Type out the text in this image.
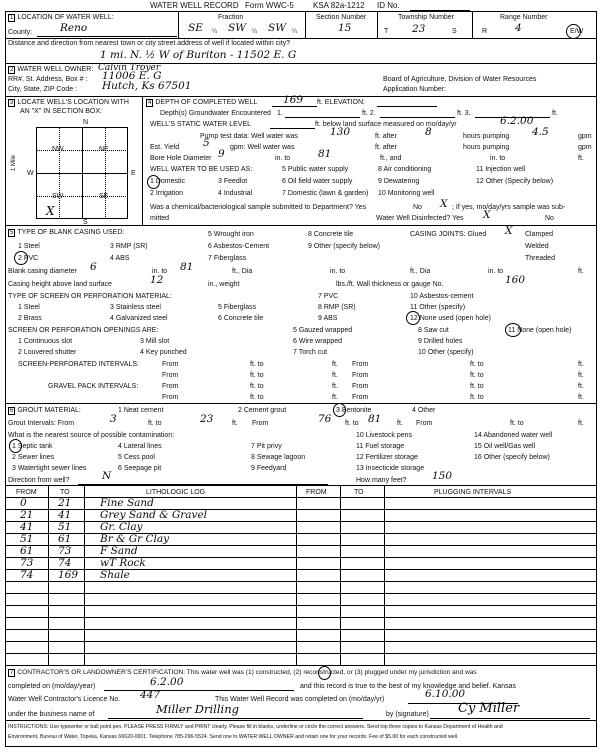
WATER WELL RECORD Form WWC-5 KSA 82a-1212 ID No.
1 LOCATION OF WATER WELL:
County:	Reno
Fraction
SE ¼ SW ¼ SW ¼
Section Number
15
Township Number
T 23	S
Range Number
R	4	E/W
Distance and direction from nearest town or city street address of well if located within city?
1 mi. N. ½ W of Buriton - 11502 E. G
2 WATER WELL OWNER: Calvin Troyer
RR#, St. Address, Box # : 11006 E. G
City, State, ZIP Code : Hutch, Ks 67501
Board of Agriculture, Division of Water Resources
Application Number:
3 LOCATE WELL'S LOCATION WITH
AN "X" IN SECTION BOX:
N
S
W	E
1 Mile
NW	NE
SW	SE
X
4 DEPTH OF COMPLETED WELL 169 ft. ELEVATION:
Depth(s) Groundwater Encountered 1.	ft. 2.	ft. 3.	ft.
WELL'S STATIC WATER LEVEL	ft. below land surface measured on mo/day/yr	6.2.00
Pump test data: Well water was	130	ft. after	8	hours pumping 4.5	gpm
Est. Yield 5	gpm: Well water was	ft. after	hours pumping	gpm
Bore Hole Diameter 9	in. to	81	ft., and	in. to	ft.
WELL WATER TO BE USED AS:	5 Public water supply	8 Air conditioning	11 Injection well
1 Domestic	3 Feedlot	6 Oil field water supply	9 Dewatering	12 Other (Specify below)
2 Irrigation	4 Industrial	7 Domestic (lawn & garden) 10 Monitoring well
Was a chemical/bacteriological sample submitted to Department? Yes	No X ; If yes, mo/day/yrs sample was sub-
mitted	Water Well Disinfected? Yes X	No
5 TYPE OF BLANK CASING USED:	5 Wrought iron	8 Concrete tile	CASING JOINTS: Glued X Clamped
1 Steel	3 RMP (SR)	6 Asbestos-Cement	9 Other (specify below)	Welded
2 PVC	4 ABS	7 Fiberglass	Threaded
Blank casing diameter 6	in. to 81	ft., Dia	in. to	ft., Dia	in. to	ft.
Casing height above land surface	12	in., weight	lbs./ft. Wall thickness or gauge No.	160
TYPE OF SCREEN OR PERFORATION MATERIAL:	7 PVC	10 Asbestos-cement
1 Steel	3 Stainless steel	5 Fiberglass	8 RMP (SR)	11 Other (specify)
2 Brass	4 Galvanized steel	6 Concrete tile	9 ABS	12 None used (open hole)
SCREEN OR PERFORATION OPENINGS ARE:	5 Gauzed wrapped	8 Saw cut	11 None (open hole)
1 Continuous slot	3 Mill slot	6 Wire wrapped	9 Drilled holes
2 Louvered shutter	4 Key punched	7 Torch cut	10 Other (specify)
SCREEN-PERFORATED INTERVALS:	From	ft. to	ft. From	ft. to	ft.
From	ft. to	ft. From	ft. to	ft.
GRAVEL PACK INTERVALS:	From	ft. to	ft. From	ft. to	ft.
From	ft. to	ft. From	ft. to	ft.
6 GROUT MATERIAL:	1 Neat cement	2 Cement grout	3 Bentonite	4 Other
Grout Intervals: From	3	ft. to	23	ft. From	76 ft. to 81 ft. From	ft. to	ft.
What is the nearest source of possible contamination:	10 Livestock pens	14 Abandoned water well
1 Septic tank	4 Lateral lines	7 Pit privy	11 Fuel storage	15 Oil well/Gas well
2 Sewer lines	5 Cess pool	8 Sewage lagoon	12 Fertilizer storage	16 Other (specify below)
3 Watertight sewer lines	6 Seepage pit	9 Feedyard	13 Insecticide storage
Direction from well?	N	How many feet? 150
FROM	TO	LITHOLOGIC LOG	FROM	TO	PLUGGING INTERVALS
0	21	Fine Sand
21 41	Grey Sand & Gravel
41 51	Gr. Clay
51 61	Br & Gr Clay
61 73	F Sand
73 74	wT Rock
74 169 Shale
7 CONTRACTOR'S OR LANDOWNER'S CERTIFICATION: This water well was (1) constructed, (2) reconstructed, or (3) plugged under my jurisdiction and was
completed on (mo/day/year)	6.2.00	and this record is true to the best of my knowledge and belief. Kansas
Water Well Contractor's Licence No. 447	This Water Well Record was completed on (mo/day/yr)	6.10.00
under the business name of	Miller Drilling	by (signature) Cy Miller
INSTRUCTIONS: Use typewriter or ball point pen. PLEASE PRESS FIRMLY and PRINT clearly. Please fill in blanks, underline or circle the correct answers. Send top three copies to Kansas Department of Health and
Environment, Bureau of Water, Topeka, Kansas 66620-0001. Telephone 785-296-5524. Send one to WATER WELL OWNER and retain one for your records. Fee of $5.00 for each constructed well.
